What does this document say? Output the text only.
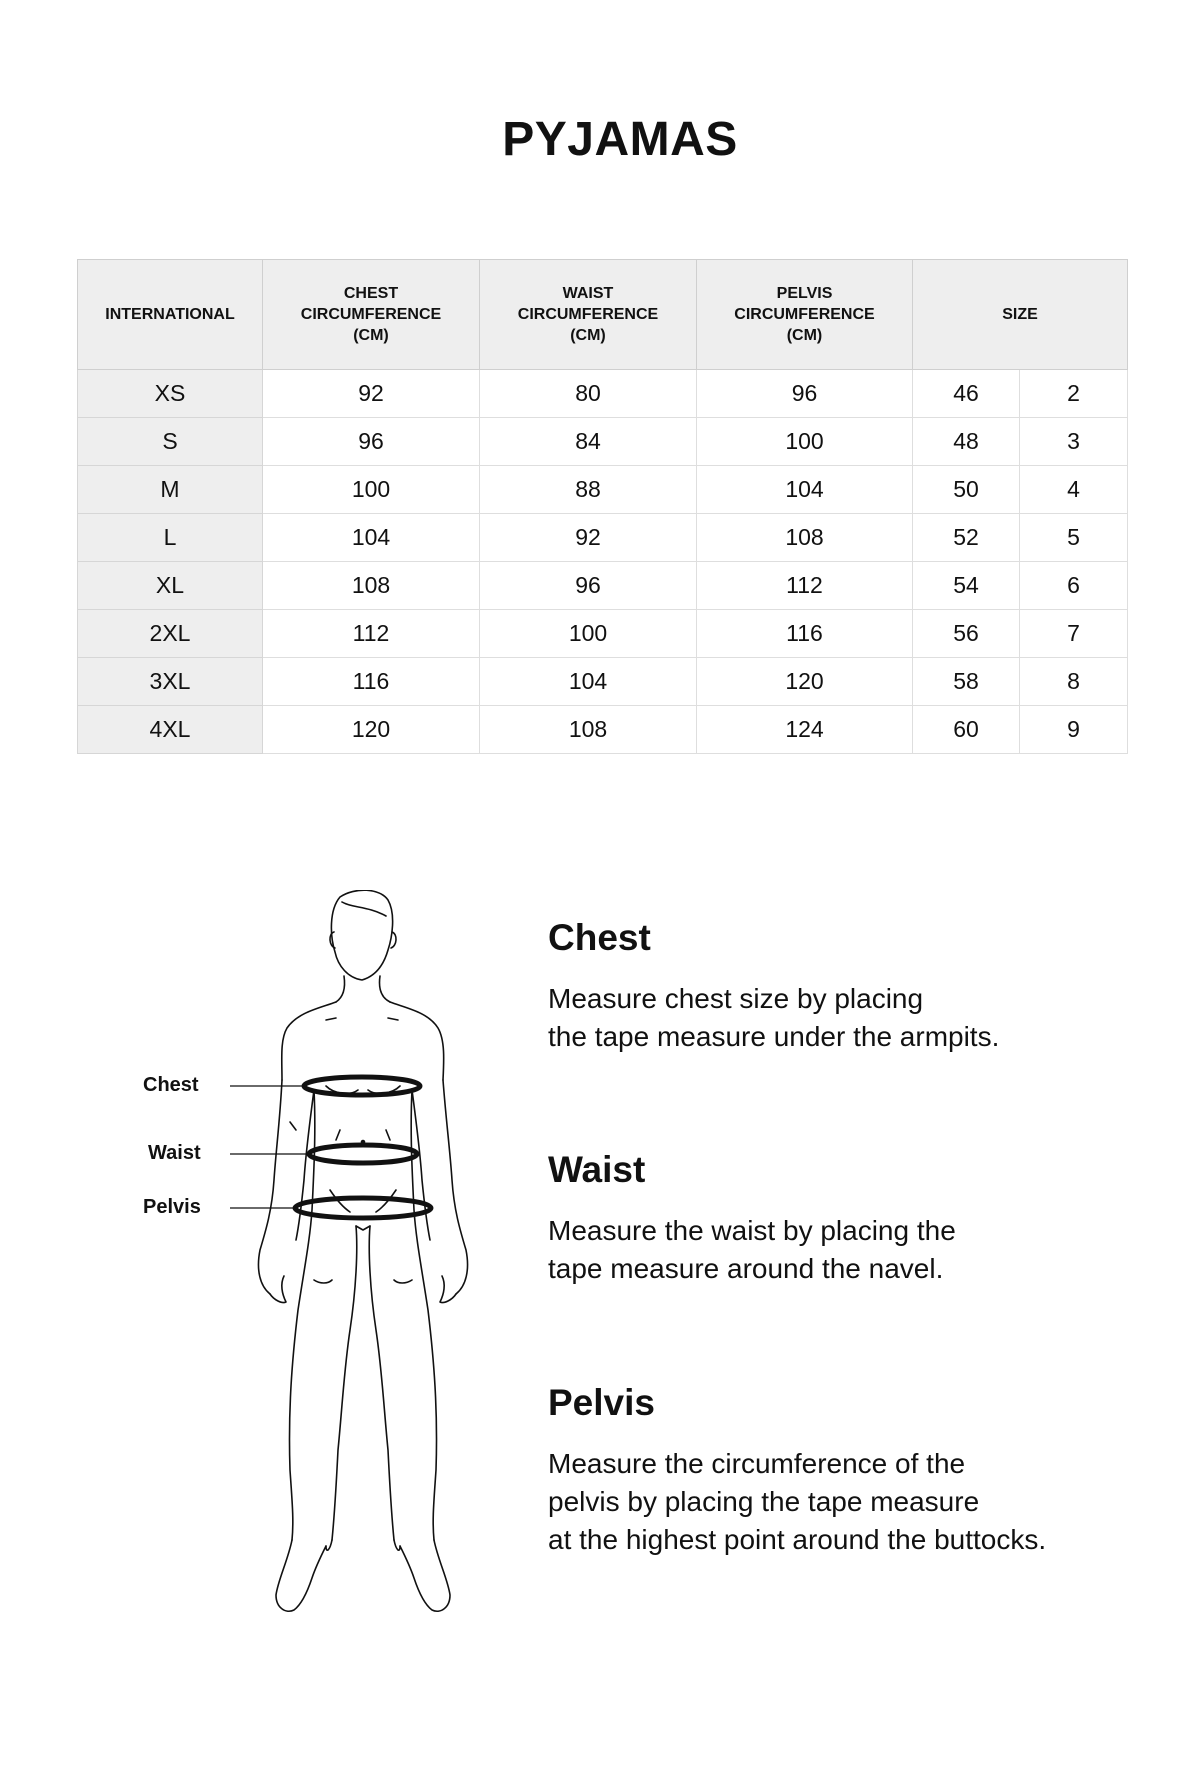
PYJAMAS
INTERNATIONAL	CHEST
CIRCUMFERENCE
(CM)	WAIST
CIRCUMFERENCE
(CM)	PELVIS
CIRCUMFERENCE
(CM)	SIZE	
XS	92	80	96	46	2
S	96	84	100	48	3
M	100	88	104	50	4
L	104	92	108	52	5
XL	108	96	112	54	6
2XL	112	100	116	56	7
3XL	116	104	120	58	8
4XL	120	108	124	60	9

Chest

Waist

Pelvis

Chest

Measure chest size by placing
the tape measure under the armpits.

Waist

Measure the waist by placing the
tape measure around the navel.

Pelvis

Measure the circumference of the
pelvis by placing the tape measure
at the highest point around the buttocks.
